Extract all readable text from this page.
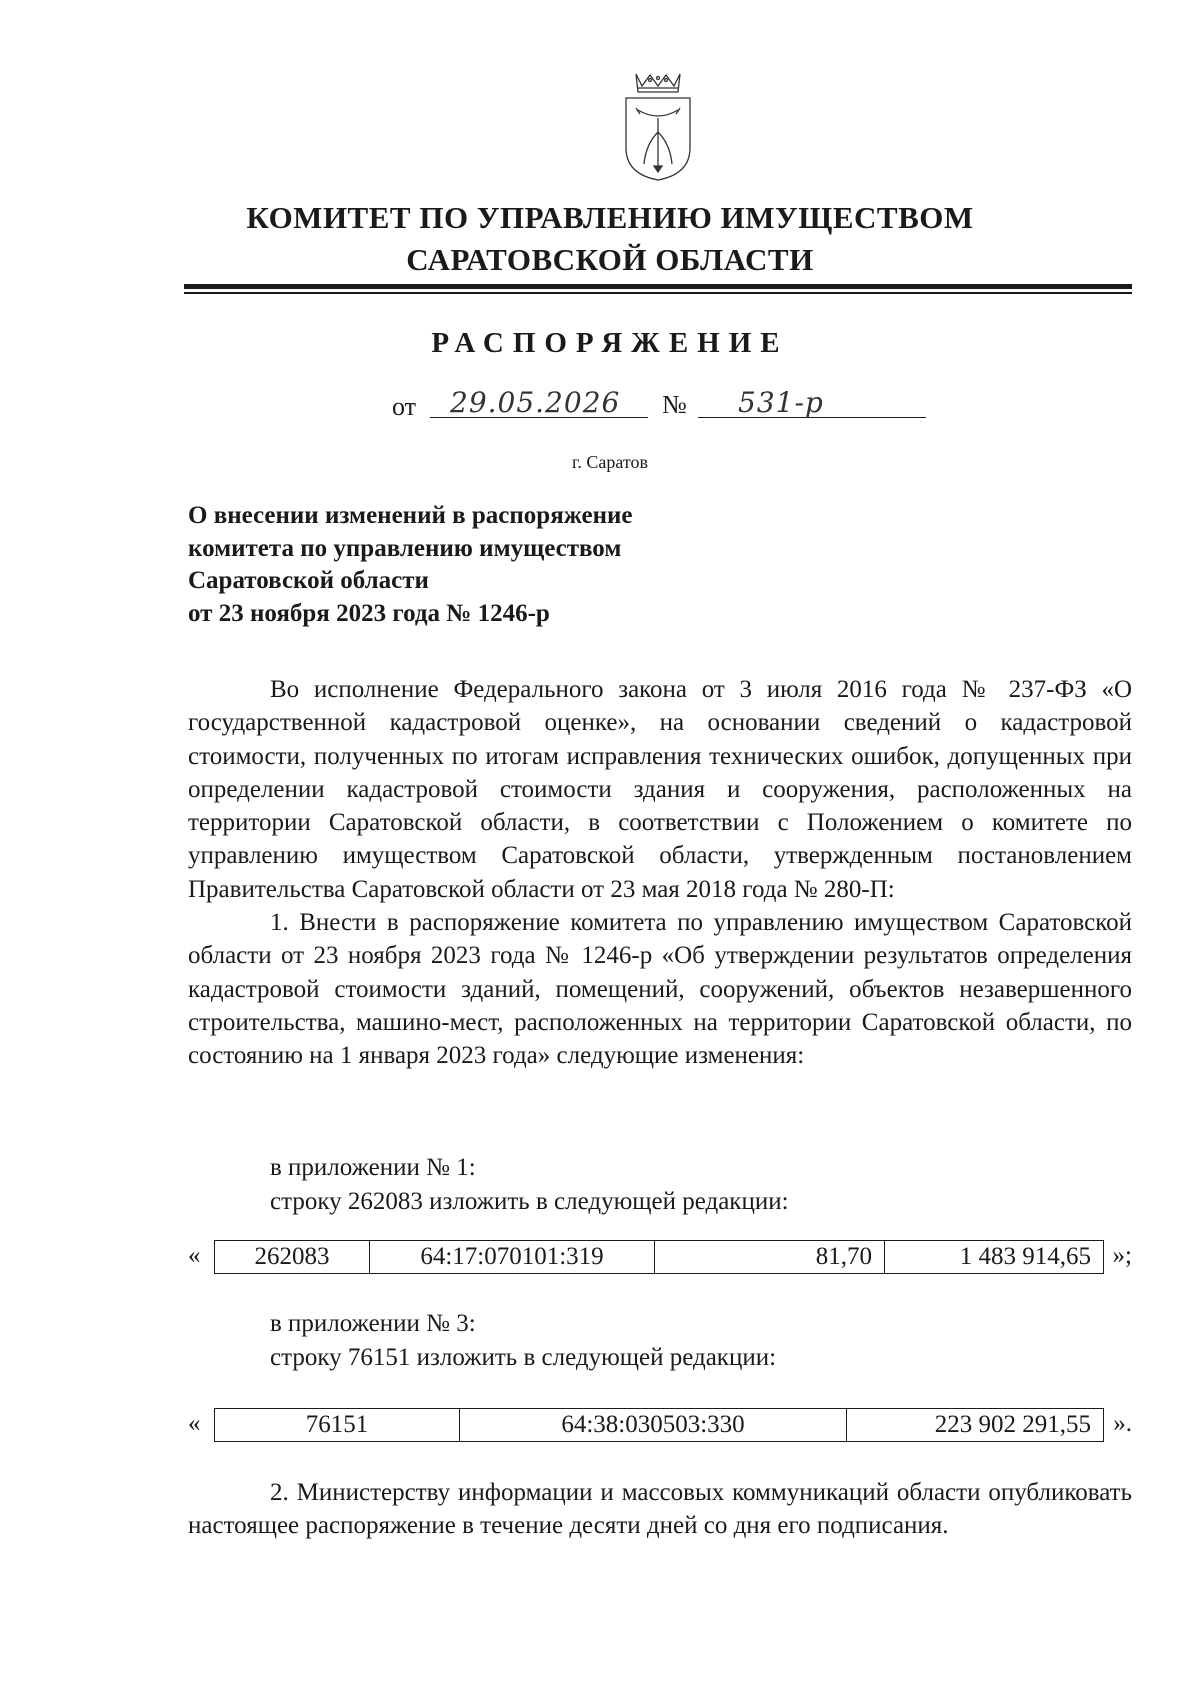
КОМИТЕТ ПО УПРАВЛЕНИЮ ИМУЩЕСТВОМ
САРАТОВСКОЙ ОБЛАСТИ
РАСПОРЯЖЕНИЕ
от	29.05.2026	№	531-р
г. Саратов
О внесении изменений в распоряжение
комитета по управлению имуществом
Саратовской области
от 23 ноября 2023 года № 1246-р

Во исполнение Федерального закона от 3 июля 2016 года № 237-ФЗ «О государственной кадастровой оценке», на основании сведений о кадастровой стоимости, полученных по итогам исправления технических ошибок, допущенных при определении кадастровой стоимости здания и сооружения, расположенных на территории Саратовской области, в соответствии с Положением о комитете по управлению имуществом Саратовской области, утвержденным постановлением Правительства Саратовской области от 23 мая 2018 года № 280-П:

1. Внести в распоряжение комитета по управлению имуществом Саратовской области от 23 ноября 2023 года № 1246-р «Об утверждении результатов определения кадастровой стоимости зданий, помещений, сооружений, объектов незавершенного строительства, машино-мест, расположенных на территории Саратовской области, по состоянию на 1 января 2023 года» следующие изменения:

в приложении № 1:
строку 262083 изложить в следующей редакции:
« 262083	64:17:070101:319	81,70	1 483 914,65 »;
в приложении № 3:
строку 76151 изложить в следующей редакции:
«	76151	64:38:030503:330	223 902 291,55 ».

2. Министерству информации и массовых коммуникаций области опубликовать настоящее распоряжение в течение десяти дней со дня его подписания.
